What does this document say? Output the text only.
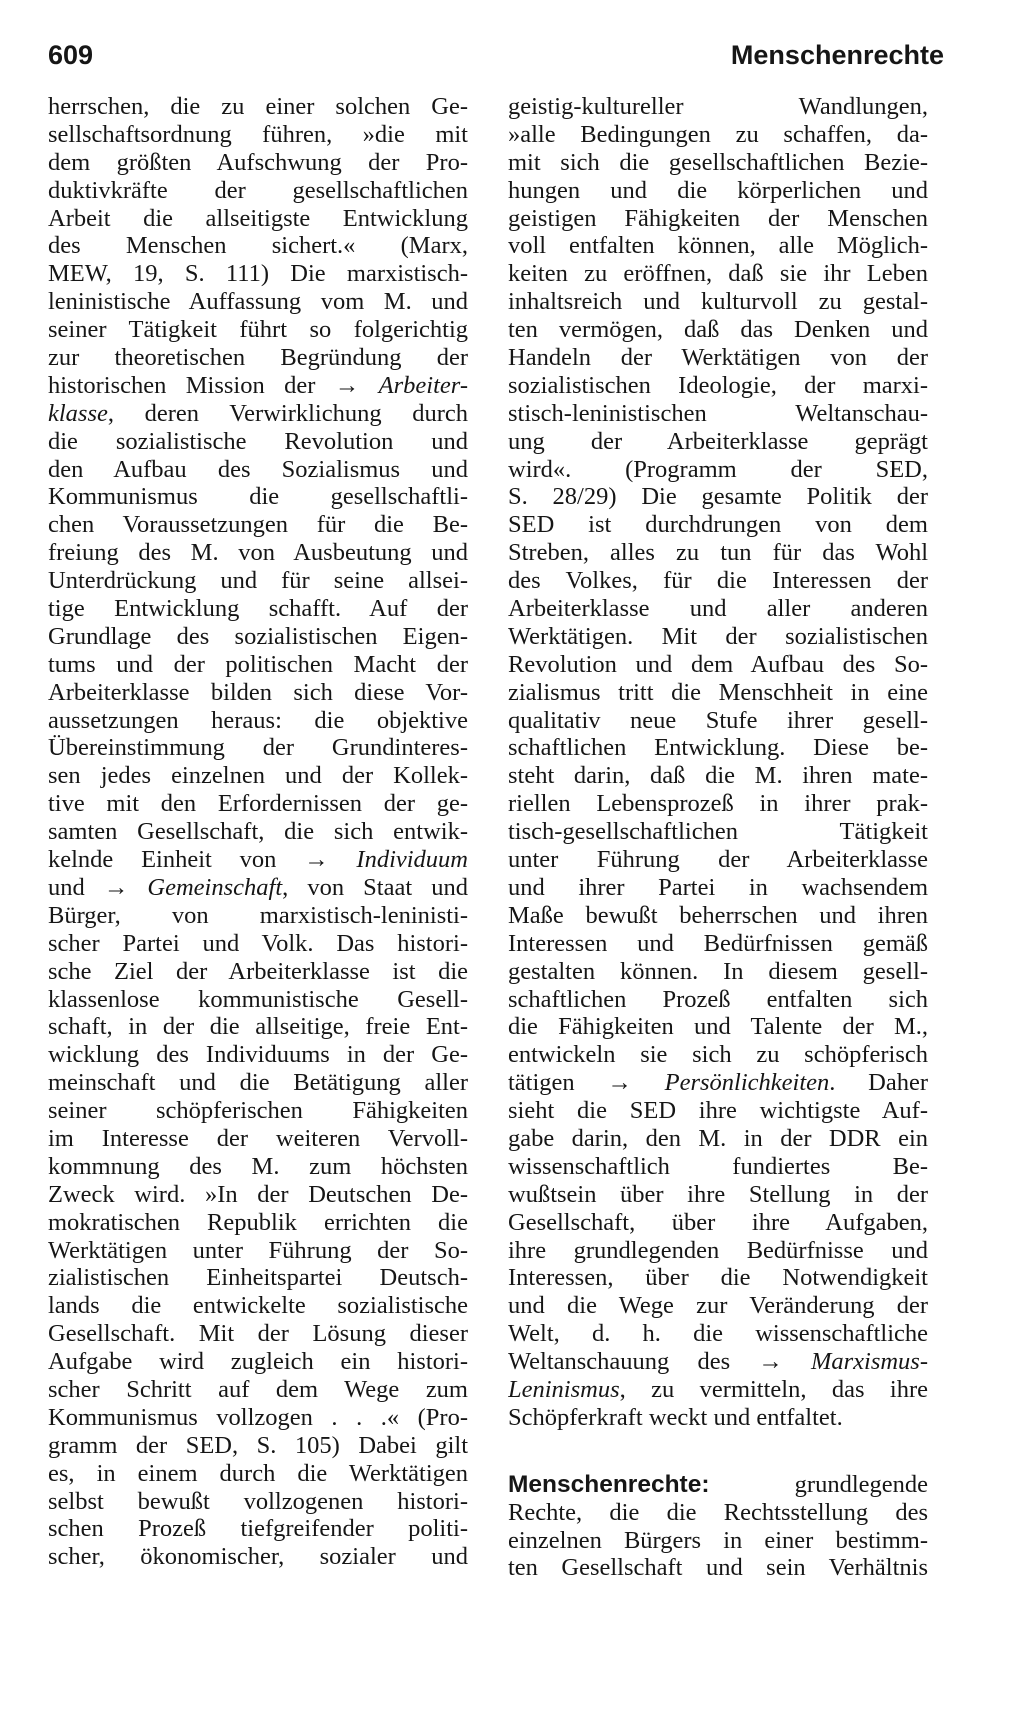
609	Menschenrechte
herrschen, die zu einer solchen Ge-
sellschaftsordnung führen, »die mit
dem größten Aufschwung der Pro-
duktivkräfte der gesellschaftlichen
Arbeit die allseitigste Entwicklung
des Menschen sichert.« (Marx,
MEW, 19, S. 111) Die marxistisch-
leninistische Auffassung vom M. und
seiner Tätigkeit führt so folgerichtig
zur theoretischen Begründung der
historischen Mission der → Arbeiter-
klasse, deren Verwirklichung durch
die sozialistische Revolution und
den Aufbau des Sozialismus und
Kommunismus die gesellschaftli-
chen Voraussetzungen für die Be-
freiung des M. von Ausbeutung und
Unterdrückung und für seine allsei-
tige Entwicklung schafft. Auf der
Grundlage des sozialistischen Eigen-
tums und der politischen Macht der
Arbeiterklasse bilden sich diese Vor-
aussetzungen heraus: die objektive
Übereinstimmung der Grundinteres-
sen jedes einzelnen und der Kollek-
tive mit den Erfordernissen der ge-
samten Gesellschaft, die sich entwik-
kelnde Einheit von → Individuum
und → Gemeinschaft, von Staat und
Bürger, von marxistisch-leninisti-
scher Partei und Volk. Das histori-
sche Ziel der Arbeiterklasse ist die
klassenlose kommunistische Gesell-
schaft, in der die allseitige, freie Ent-
wicklung des Individuums in der Ge-
meinschaft und die Betätigung aller
seiner schöpferischen Fähigkeiten
im Interesse der weiteren Vervoll-
kommnung des M. zum höchsten
Zweck wird. »In der Deutschen De-
mokratischen Republik errichten die
Werktätigen unter Führung der So-
zialistischen Einheitspartei Deutsch-
lands die entwickelte sozialistische
Gesellschaft. Mit der Lösung dieser
Aufgabe wird zugleich ein histori-
scher Schritt auf dem Wege zum
Kommunismus vollzogen . . .« (Pro-
gramm der SED, S. 105) Dabei gilt
es, in einem durch die Werktätigen
selbst bewußt vollzogenen histori-
schen Prozeß tiefgreifender politi-
scher, ökonomischer, sozialer und
geistig-kultureller Wandlungen,
»alle Bedingungen zu schaffen, da-
mit sich die gesellschaftlichen Bezie-
hungen und die körperlichen und
geistigen Fähigkeiten der Menschen
voll entfalten können, alle Möglich-
keiten zu eröffnen, daß sie ihr Leben
inhaltsreich und kulturvoll zu gestal-
ten vermögen, daß das Denken und
Handeln der Werktätigen von der
sozialistischen Ideologie, der marxi-
stisch-leninistischen Weltanschau-
ung der Arbeiterklasse geprägt
wird«. (Programm der SED,
S. 28/29) Die gesamte Politik der
SED ist durchdrungen von dem
Streben, alles zu tun für das Wohl
des Volkes, für die Interessen der
Arbeiterklasse und aller anderen
Werktätigen. Mit der sozialistischen
Revolution und dem Aufbau des So-
zialismus tritt die Menschheit in eine
qualitativ neue Stufe ihrer gesell-
schaftlichen Entwicklung. Diese be-
steht darin, daß die M. ihren mate-
riellen Lebensprozeß in ihrer prak-
tisch-gesellschaftlichen Tätigkeit
unter Führung der Arbeiterklasse
und ihrer Partei in wachsendem
Maße bewußt beherrschen und ihren
Interessen und Bedürfnissen gemäß
gestalten können. In diesem gesell-
schaftlichen Prozeß entfalten sich
die Fähigkeiten und Talente der M.,
entwickeln sie sich zu schöpferisch
tätigen → Persönlichkeiten. Daher
sieht die SED ihre wichtigste Auf-
gabe darin, den M. in der DDR ein
wissenschaftlich fundiertes Be-
wußtsein über ihre Stellung in der
Gesellschaft, über ihre Aufgaben,
ihre grundlegenden Bedürfnisse und
Interessen, über die Notwendigkeit
und die Wege zur Veränderung der
Welt, d. h. die wissenschaftliche
Weltanschauung des → Marxismus-
Leninismus, zu vermitteln, das ihre
Schöpferkraft weckt und entfaltet.
Menschenrechte: grundlegende
Rechte, die die Rechtsstellung des
einzelnen Bürgers in einer bestimm-
ten Gesellschaft und sein Verhältnis
